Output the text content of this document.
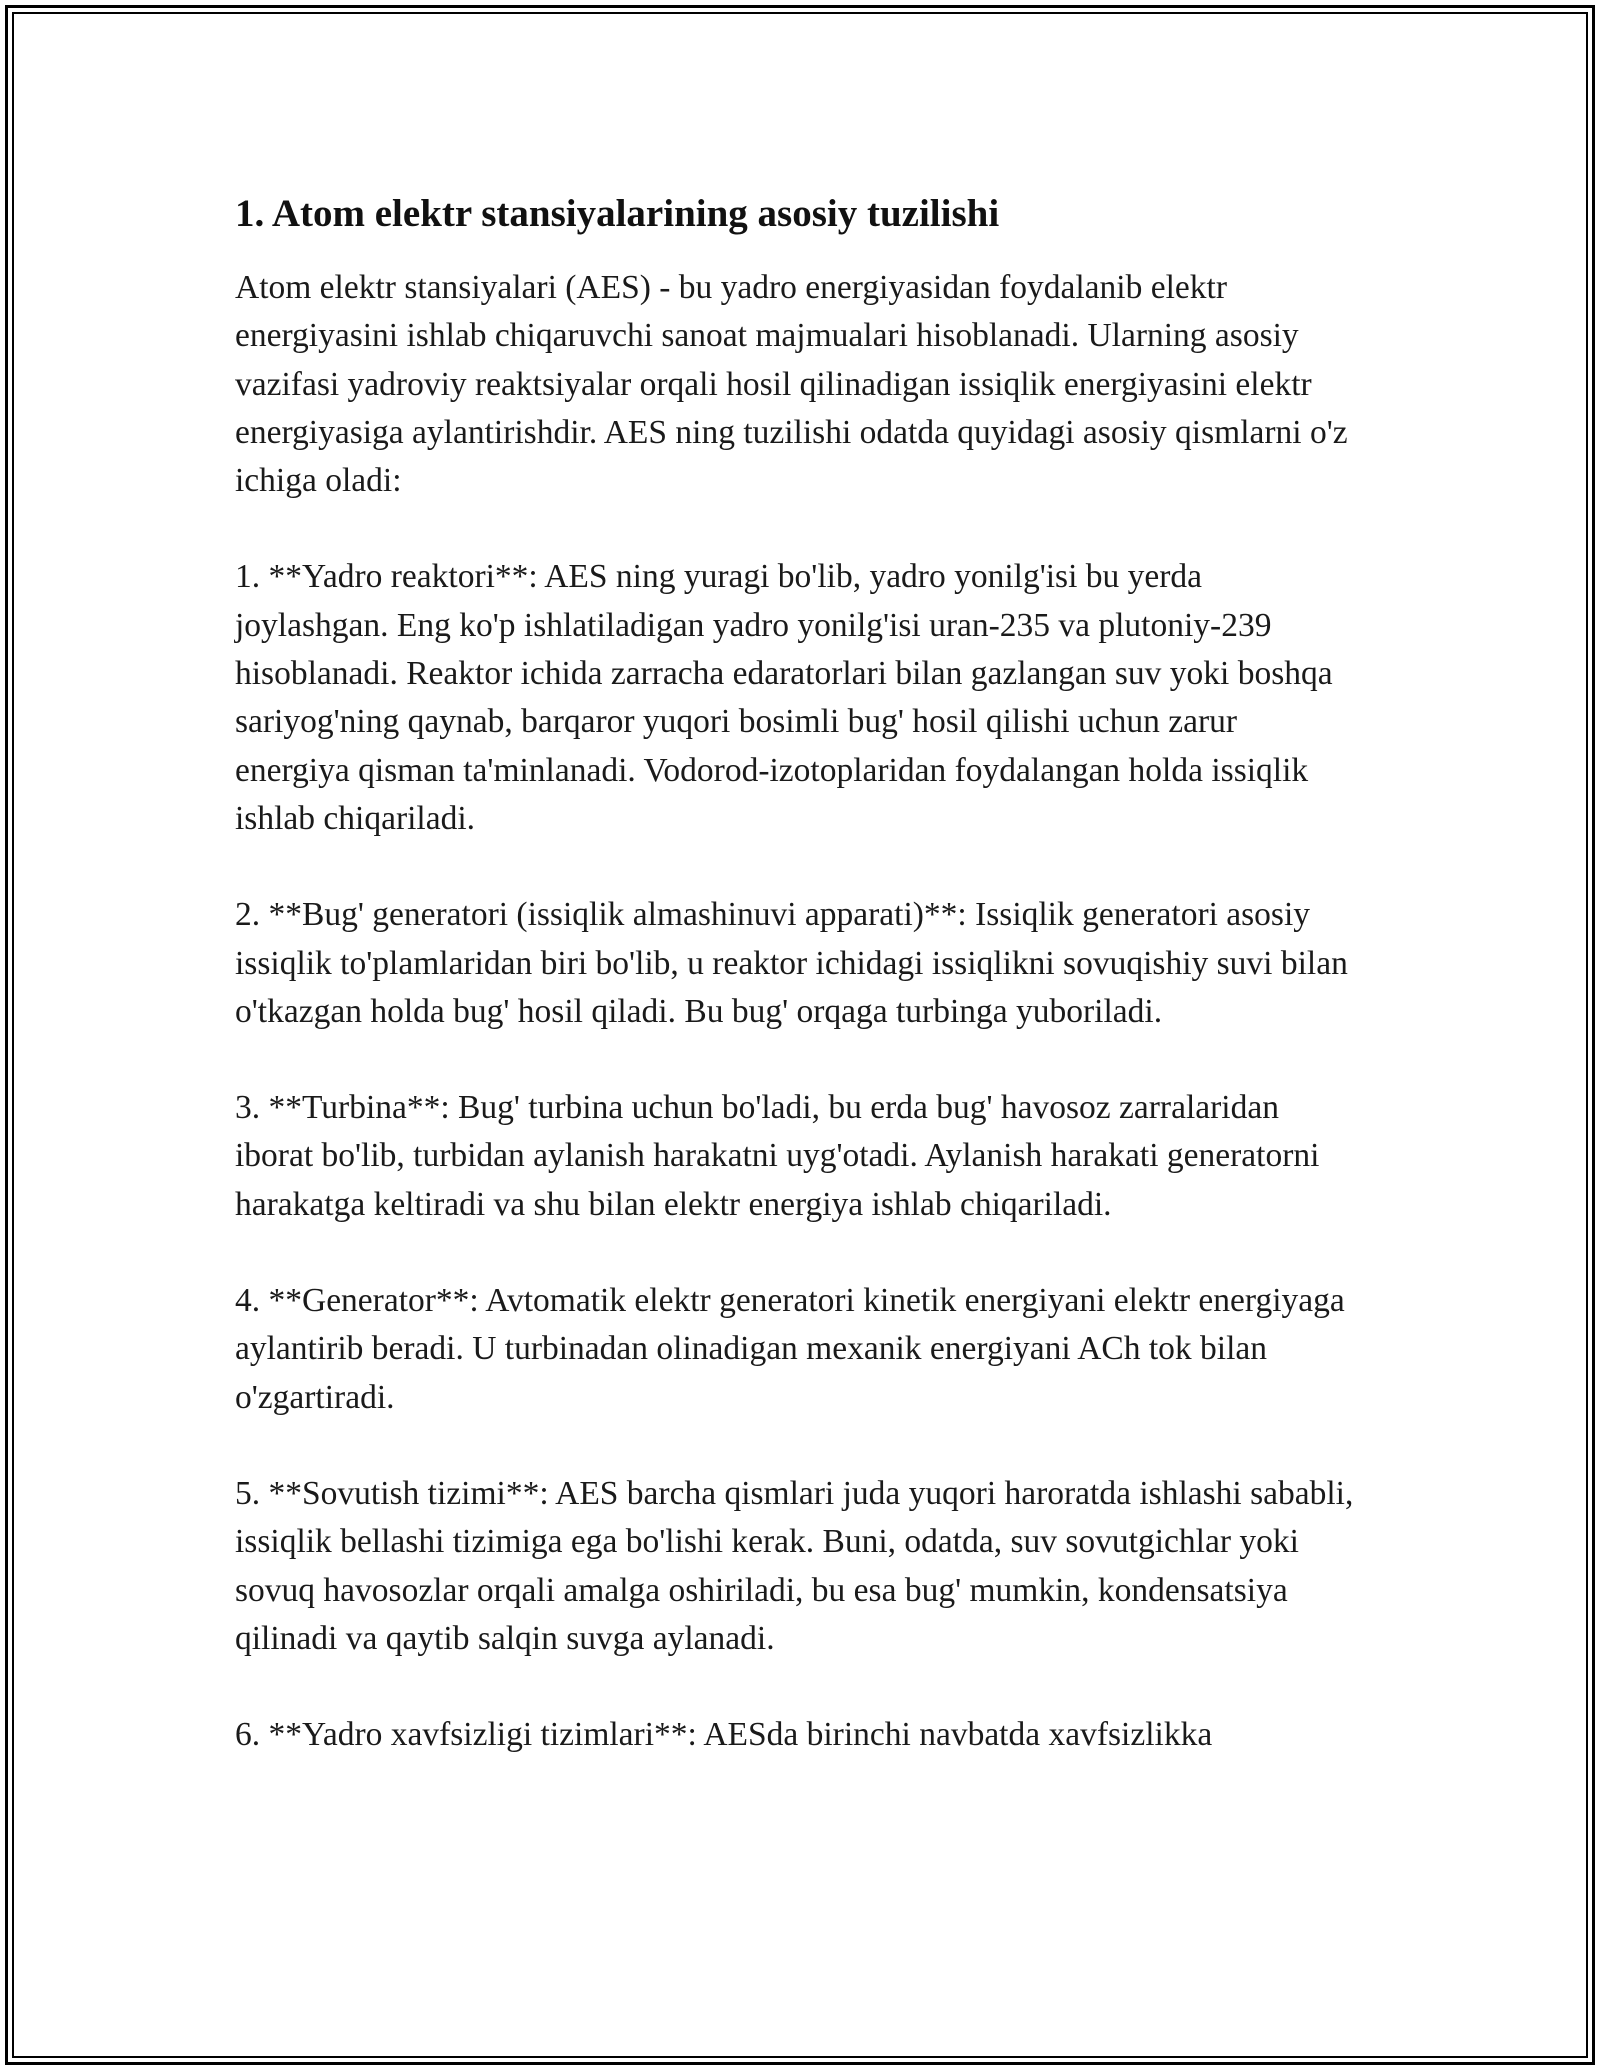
1. Atom elektr stansiyalarining asosiy tuzilishi

Atom elektr stansiyalari (AES) - bu yadro energiyasidan foydalanib elektr energiyasini ishlab chiqaruvchi sanoat majmualari hisoblanadi. Ularning asosiy vazifasi yadroviy reaktsiyalar orqali hosil qilinadigan issiqlik energiyasini elektr energiyasiga aylantirishdir. AES ning tuzilishi odatda quyidagi asosiy qismlarni o'z ichiga oladi:

1. **Yadro reaktori**: AES ning yuragi bo'lib, yadro yonilg'isi bu yerda joylashgan. Eng ko'p ishlatiladigan yadro yonilg'isi uran-235 va plutoniy-239 hisoblanadi. Reaktor ichida zarracha edaratorlari bilan gazlangan suv yoki boshqa sariyog'ning qaynab, barqaror yuqori bosimli bug' hosil qilishi uchun zarur energiya qisman ta'minlanadi. Vodorod-izotoplaridan foydalangan holda issiqlik ishlab chiqariladi.

2. **Bug' generatori (issiqlik almashinuvi apparati)**: Issiqlik generatori asosiy issiqlik to'plamlaridan biri bo'lib, u reaktor ichidagi issiqlikni sovuqishiy suvi bilan o'tkazgan holda bug' hosil qiladi. Bu bug' orqaga turbinga yuboriladi.

3. **Turbina**: Bug' turbina uchun bo'ladi, bu erda bug' havosoz zarralaridan iborat bo'lib, turbidan aylanish harakatni uyg'otadi. Aylanish harakati generatorni harakatga keltiradi va shu bilan elektr energiya ishlab chiqariladi.

4. **Generator**: Avtomatik elektr generatori kinetik energiyani elektr energiyaga aylantirib beradi. U turbinadan olinadigan mexanik energiyani ACh tok bilan o'zgartiradi.

5. **Sovutish tizimi**: AES barcha qismlari juda yuqori haroratda ishlashi sababli, issiqlik bellashi tizimiga ega bo'lishi kerak. Buni, odatda, suv sovutgichlar yoki sovuq havosozlar orqali amalga oshiriladi, bu esa bug' mumkin, kondensatsiya qilinadi va qaytib salqin suvga aylanadi.

6. **Yadro xavfsizligi tizimlari**: AESda birinchi navbatda xavfsizlikka
